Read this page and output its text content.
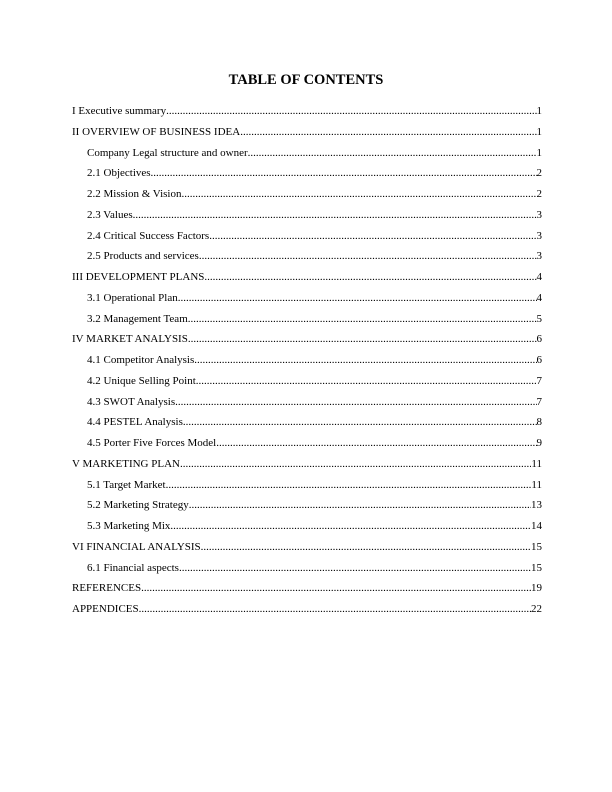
TABLE OF CONTENTS
I Executive summary .....	1
II OVERVIEW OF BUSINESS IDEA .....	1
Company Legal structure and owner .....	1
2.1 Objectives .....	2
2.2 Mission & Vision .....	2
2.3 Values .....	3
2.4 Critical Success Factors .....	3
2.5 Products and services .....	3
III DEVELOPMENT PLANS .....	4
3.1 Operational Plan .....	4
3.2 Management Team .....	5
IV MARKET ANALYSIS .....	6
4.1 Competitor Analysis .....	6
4.2 Unique Selling Point .....	7
4.3 SWOT Analysis .....	7
4.4 PESTEL Analysis .....	8
4.5 Porter Five Forces Model .....	9
V MARKETING PLAN .....	11
5.1 Target Market .....	11
5.2 Marketing Strategy .....	13
5.3 Marketing Mix .....	14
VI FINANCIAL ANALYSIS .....	15
6.1 Financial aspects .....	15
REFERENCES .....	19
APPENDICES .....	22
